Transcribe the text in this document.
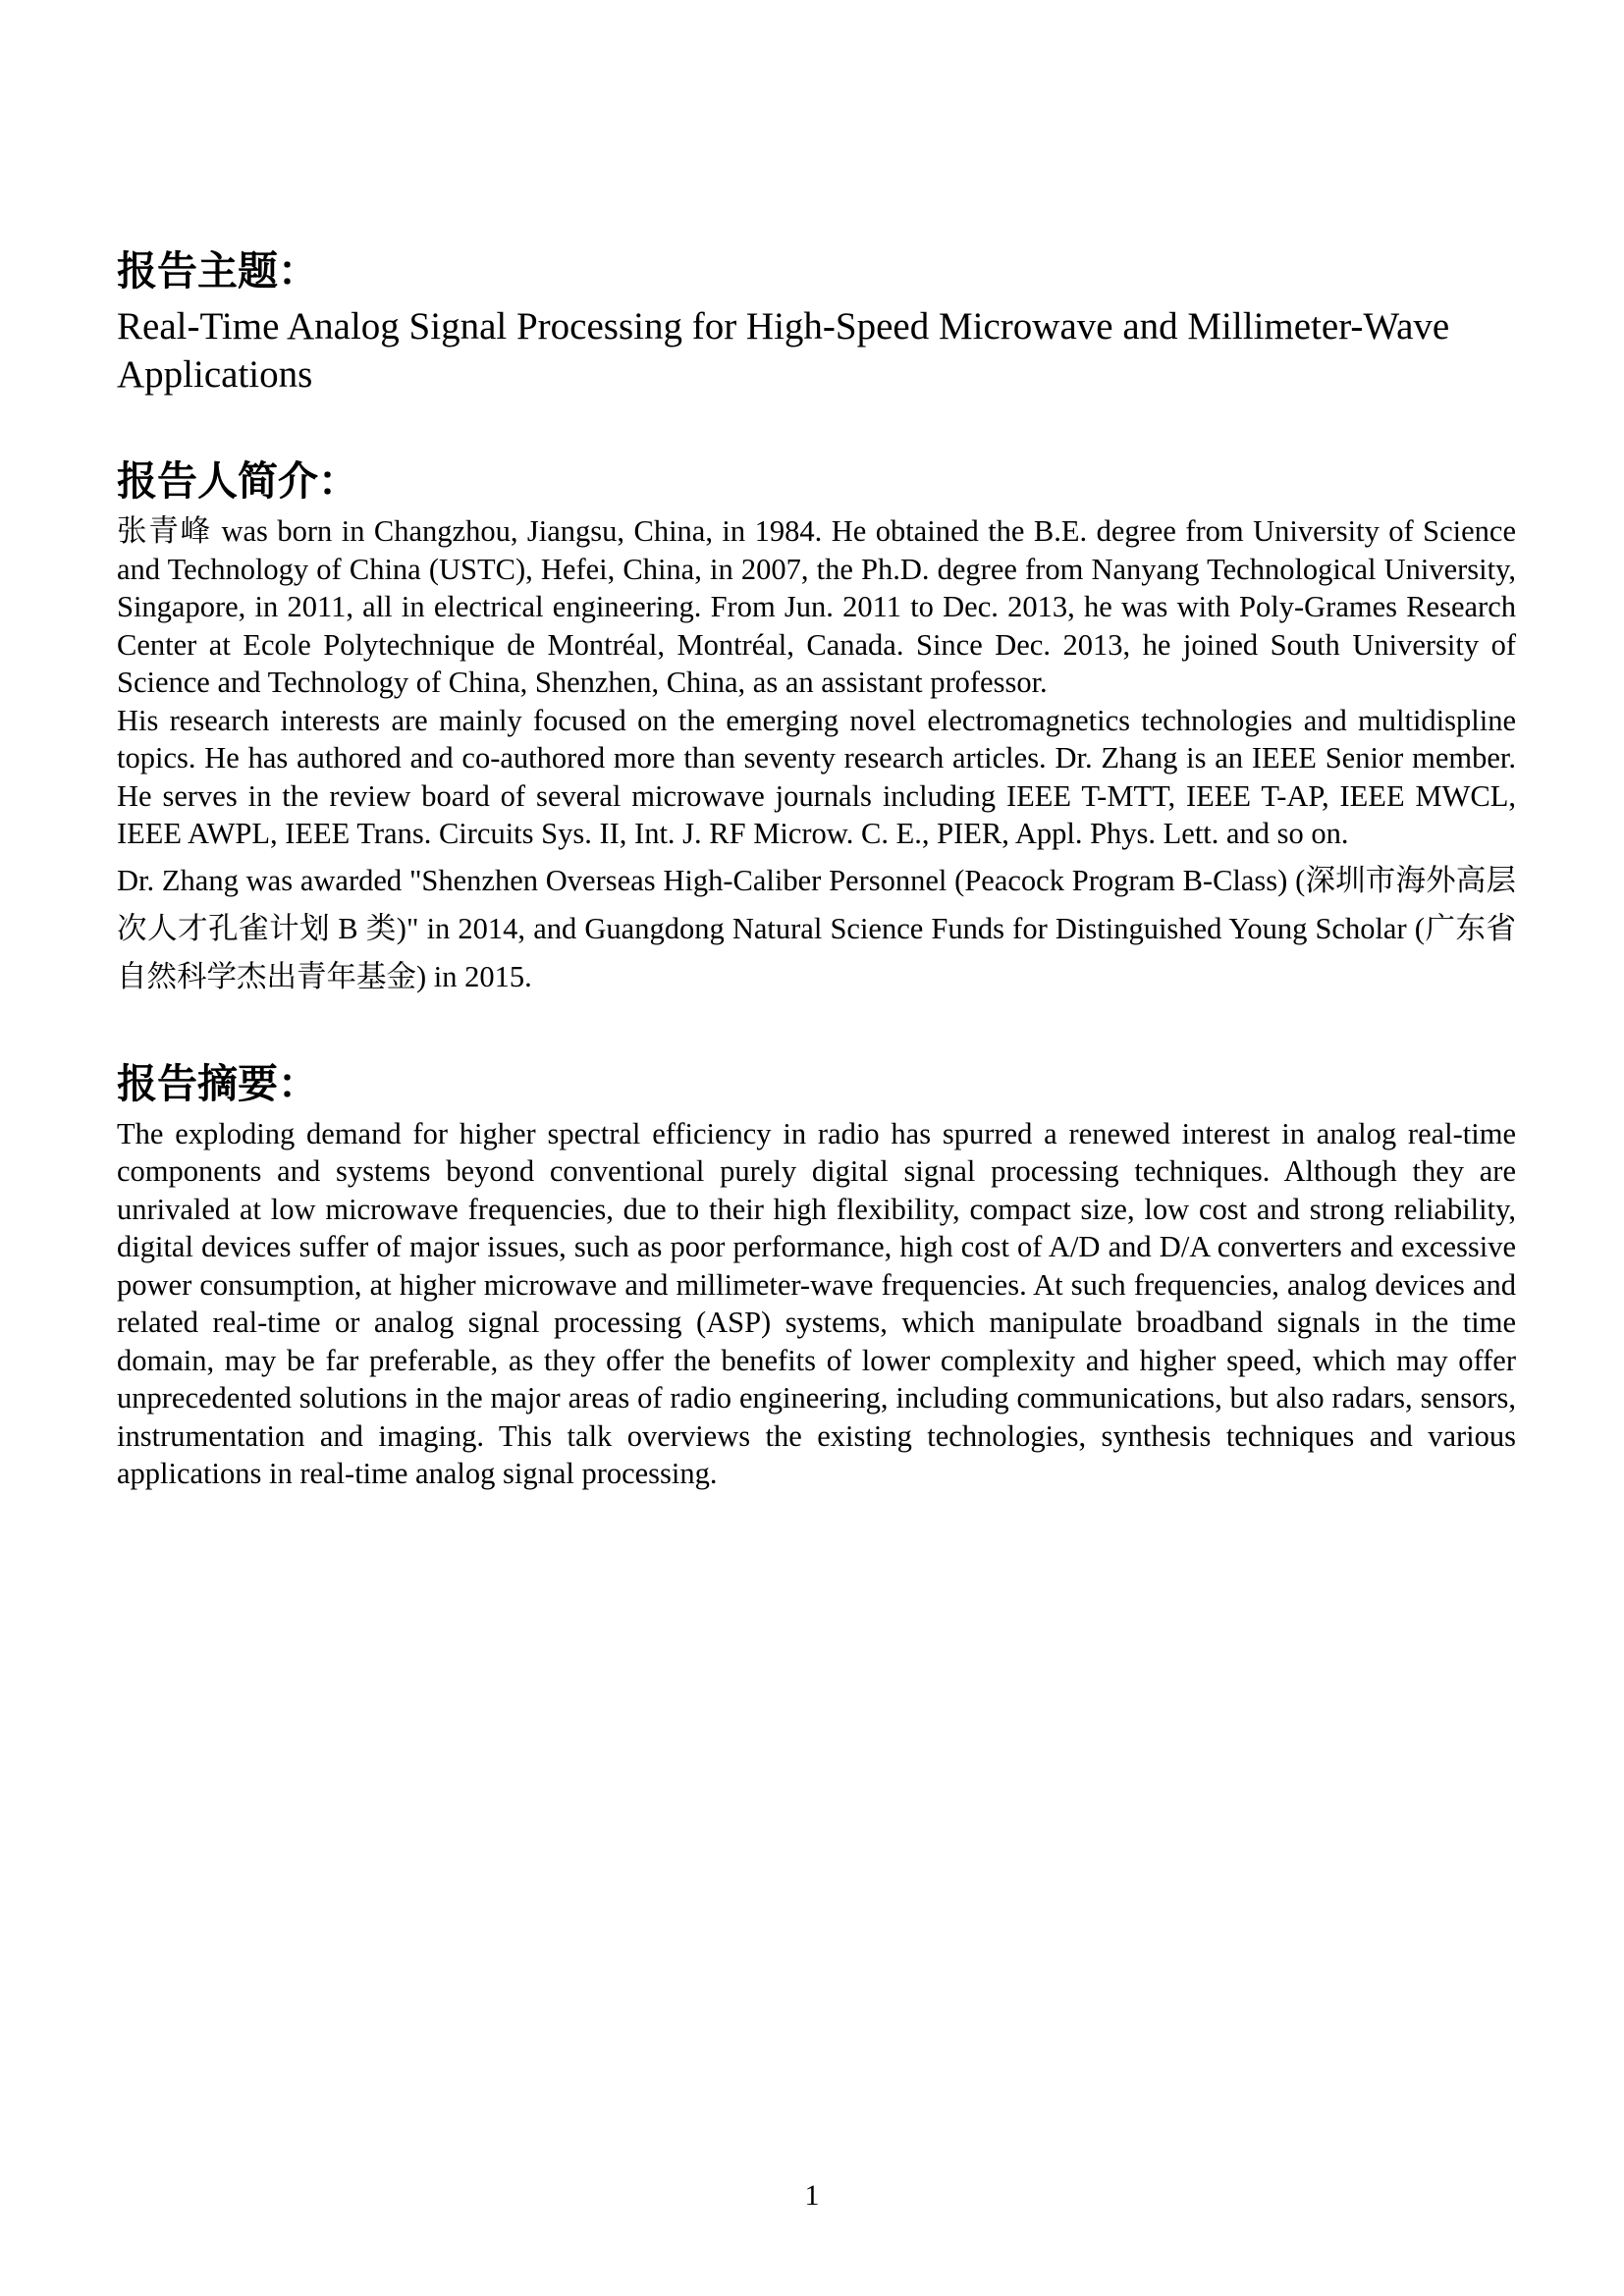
报告主题：

Real-Time Analog Signal Processing for High-Speed Microwave and Millimeter-Wave Applications

报告人简介：

张青峰 was born in Changzhou, Jiangsu, China, in 1984. He obtained the B.E. degree from University of Science and Technology of China (USTC), Hefei, China, in 2007, the Ph.D. degree from Nanyang Technological University, Singapore, in 2011, all in electrical engineering. From Jun. 2011 to Dec. 2013, he was with Poly-Grames Research Center at Ecole Polytechnique de Montréal, Montréal, Canada. Since Dec. 2013, he joined South University of Science and Technology of China, Shenzhen, China, as an assistant professor.

His research interests are mainly focused on the emerging novel electromagnetics technologies and multidispline topics. He has authored and co-authored more than seventy research articles. Dr. Zhang is an IEEE Senior member. He serves in the review board of several microwave journals including IEEE T-MTT, IEEE T-AP, IEEE MWCL, IEEE AWPL, IEEE Trans. Circuits Sys. II, Int. J. RF Microw. C. E., PIER, Appl. Phys. Lett. and so on.

Dr. Zhang was awarded "Shenzhen Overseas High-Caliber Personnel (Peacock Program B-Class) (深圳市海外高层次人才孔雀计划 B 类)" in 2014, and Guangdong Natural Science Funds for Distinguished Young Scholar (广东省自然科学杰出青年基金) in 2015.

报告摘要：

The exploding demand for higher spectral efficiency in radio has spurred a renewed interest in analog real-time components and systems beyond conventional purely digital signal processing techniques. Although they are unrivaled at low microwave frequencies, due to their high flexibility, compact size, low cost and strong reliability, digital devices suffer of major issues, such as poor performance, high cost of A/D and D/A converters and excessive power consumption, at higher microwave and millimeter-wave frequencies. At such frequencies, analog devices and related real-time or analog signal processing (ASP) systems, which manipulate broadband signals in the time domain, may be far preferable, as they offer the benefits of lower complexity and higher speed, which may offer unprecedented solutions in the major areas of radio engineering, including communications, but also radars, sensors, instrumentation and imaging. This talk overviews the existing technologies, synthesis techniques and various applications in real-time analog signal processing.

1
